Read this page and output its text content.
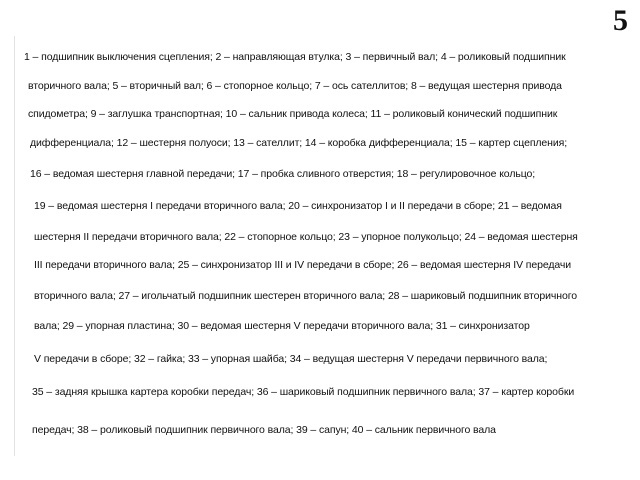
5
1 – подшипник выключения сцепления; 2 – направляющая втулка; 3 – первичный вал; 4 – роликовый подшипник
вторичного вала; 5 – вторичный вал; 6 – стопорное кольцо; 7 – ось сателлитов; 8 – ведущая шестерня привода
спидометра; 9 – заглушка транспортная; 10 – сальник привода колеса; 11 – роликовый конический подшипник
дифференциала; 12 – шестерня полуоси; 13 – сателлит; 14 – коробка дифференциала; 15 – картер сцепления;
16 – ведомая шестерня главной передачи; 17 – пробка сливного отверстия; 18 – регулировочное кольцо;
19 – ведомая шестерня I передачи вторичного вала; 20 – синхронизатор I и II передачи в сборе; 21 – ведомая
шестерня II передачи вторичного вала; 22 – стопорное кольцо; 23 – упорное полукольцо; 24 – ведомая шестерня
III передачи вторичного вала; 25 – синхронизатор III и IV передачи в сборе; 26 – ведомая шестерня IV передачи
вторичного вала; 27 – игольчатый подшипник шестерен вторичного вала; 28 – шариковый подшипник вторичного
вала; 29 – упорная пластина; 30 – ведомая шестерня V передачи вторичного вала; 31 – синхронизатор
V передачи в сборе; 32 – гайка; 33 – упорная шайба; 34 – ведущая шестерня V передачи первичного вала;
35 – задняя крышка картера коробки передач; 36 – шариковый подшипник первичного вала; 37 – картер коробки
передач; 38 – роликовый подшипник первичного вала; 39 – сапун; 40 – сальник первичного вала
